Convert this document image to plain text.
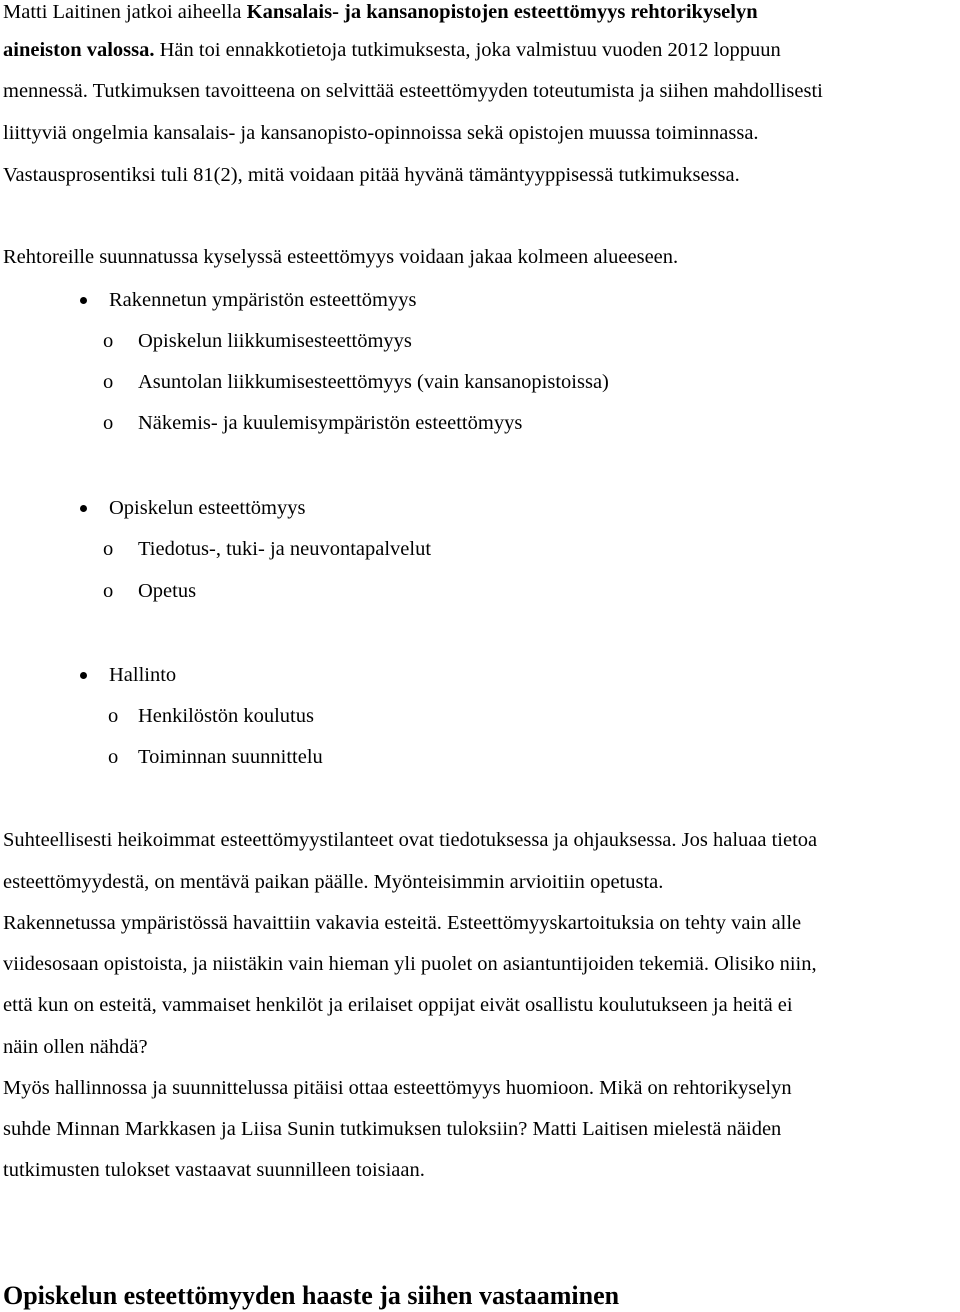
Matti Laitinen jatkoi aiheella Kansalais- ja kansanopistojen esteettömyys rehtorikyselyn
aineiston valossa. Hän toi ennakkotietoja tutkimuksesta, joka valmistuu vuoden 2012 loppuun
mennessä. Tutkimuksen tavoitteena on selvittää esteettömyyden toteutumista ja siihen mahdollisesti
liittyviä ongelmia kansalais- ja kansanopisto-opinnoissa sekä opistojen muussa toiminnassa.
Vastausprosentiksi tuli 81(2), mitä voidaan pitää hyvänä tämäntyyppisessä tutkimuksessa.
Rehtoreille suunnatussa kyselyssä esteettömyys voidaan jakaa kolmeen alueeseen.
Rakennetun ympäristön esteettömyys
o Opiskelun liikkumisesteettömyys
o Asuntolan liikkumisesteettömyys (vain kansanopistoissa)
o Näkemis- ja kuulemisympäristön esteettömyys
Opiskelun esteettömyys
o Tiedotus-, tuki- ja neuvontapalvelut
o Opetus
Hallinto
o Henkilöstön koulutus
o Toiminnan suunnittelu
Suhteellisesti heikoimmat esteettömyystilanteet ovat tiedotuksessa ja ohjauksessa. Jos haluaa tietoa
esteettömyydestä, on mentävä paikan päälle. Myönteisimmin arvioitiin opetusta.
Rakennetussa ympäristössä havaittiin vakavia esteitä. Esteettömyyskartoituksia on tehty vain alle
viidesosaan opistoista, ja niistäkin vain hieman yli puolet on asiantuntijoiden tekemiä. Olisiko niin,
että kun on esteitä, vammaiset henkilöt ja erilaiset oppijat eivät osallistu koulutukseen ja heitä ei
näin ollen nähdä?
Myös hallinnossa ja suunnittelussa pitäisi ottaa esteettömyys huomioon. Mikä on rehtorikyselyn
suhde Minnan Markkasen ja Liisa Sunin tutkimuksen tuloksiin? Matti Laitisen mielestä näiden
tutkimusten tulokset vastaavat suunnilleen toisiaan.
Opiskelun esteettömyyden haaste ja siihen vastaaminen
